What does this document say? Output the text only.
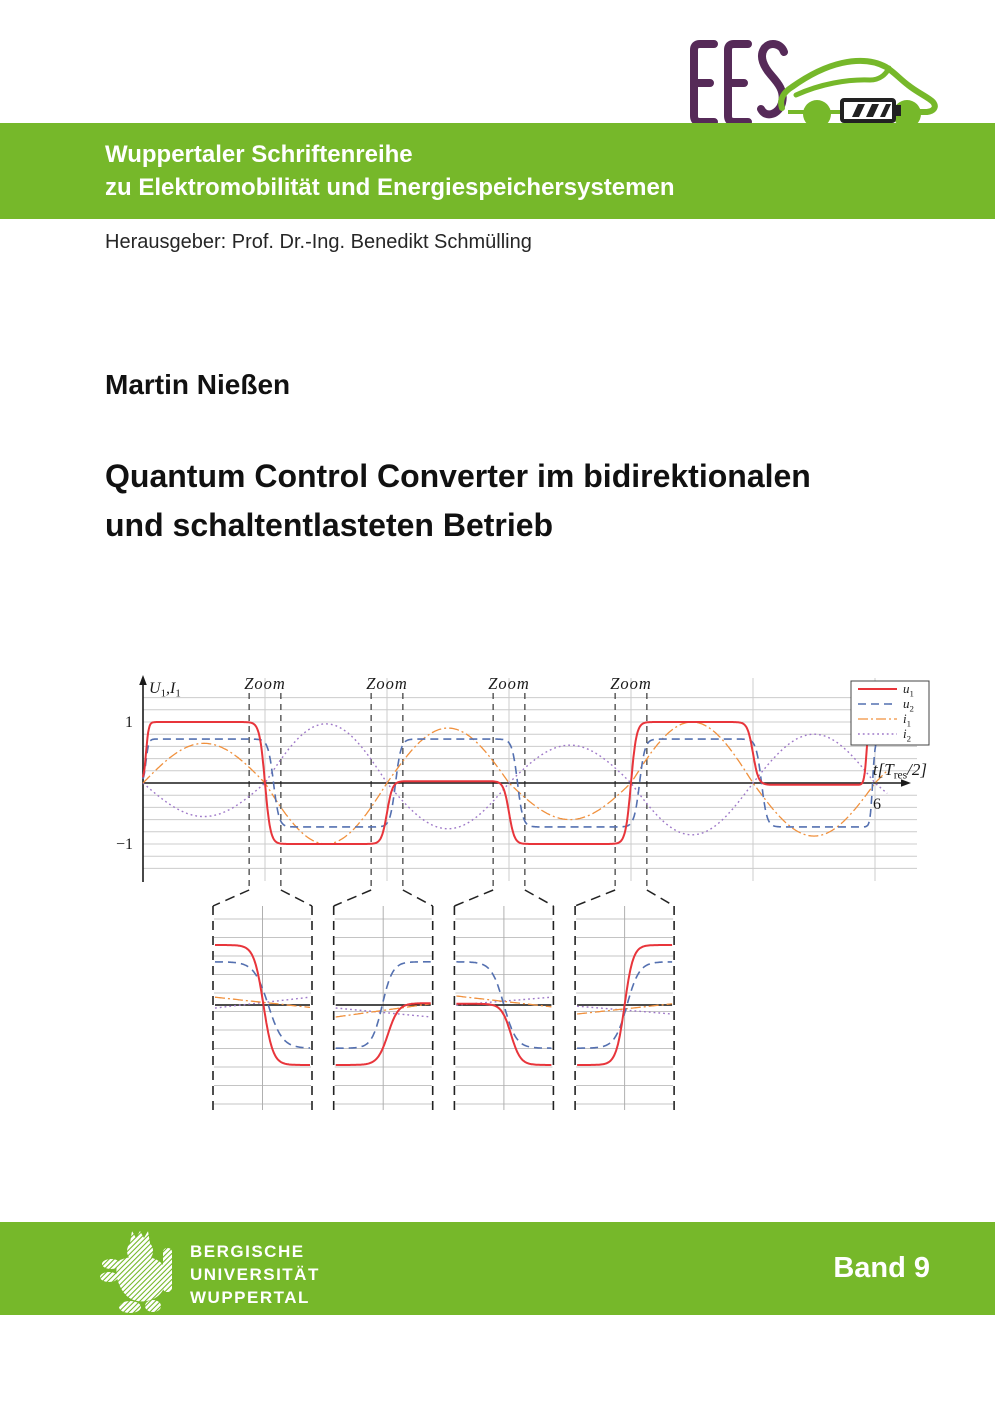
Wuppertaler Schriftenreihe
zu Elektromobilität und Energiespeichersystemen
Herausgeber: Prof. Dr.-Ing. Benedikt Schmülling
Martin Nießen
Quantum Control Converter im bidirektionalen
und schaltentlasteten Betrieb
$U_1,I_1$
$t[T_{res}/2]$
1
−1
6
Zoom	Zoom	Zoom	Zoom	$u_1$
$u_2$
$i_1$
$i_2$
BERGISCHE
UNIVERSITÄT
WUPPERTAL
Band 9
